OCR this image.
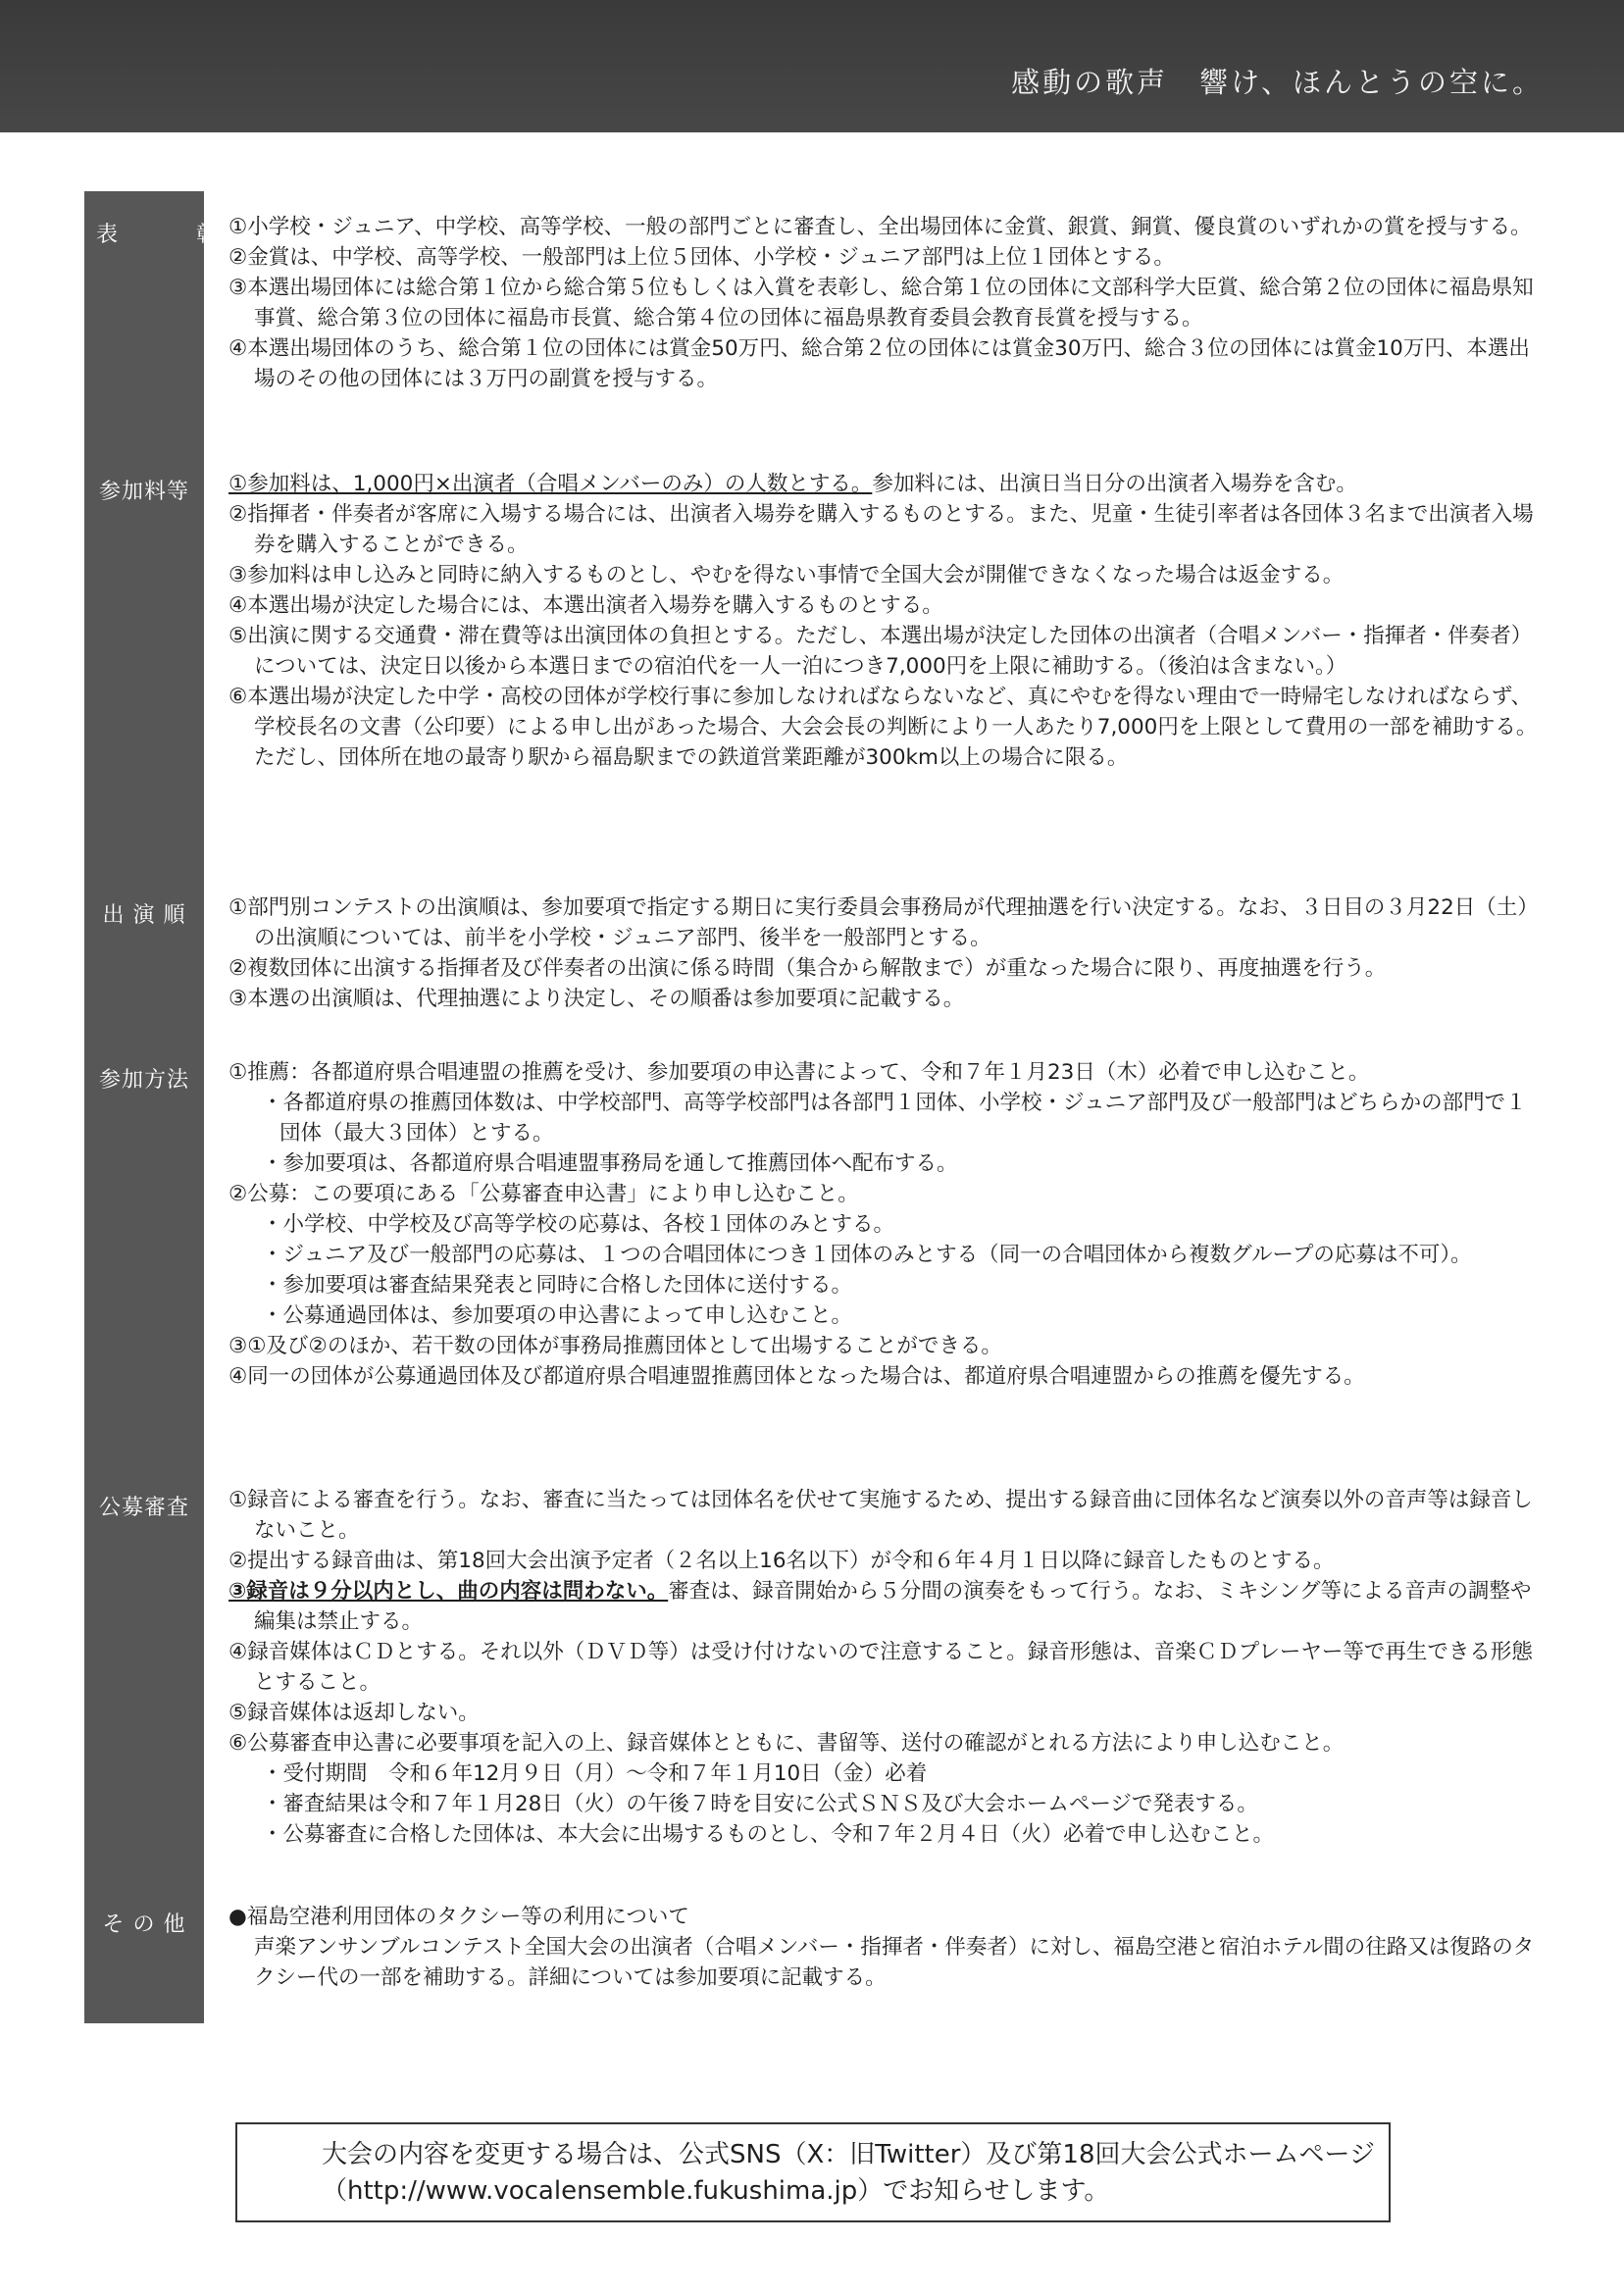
感動の歌声　響け、ほんとうの空に。
表　　彰
①小学校・ジュニア、中学校、高等学校、一般の部門ごとに審査し、全出場団体に金賞、銀賞、銅賞、優良賞のいずれかの賞を授与する。
②金賞は、中学校、高等学校、一般部門は上位５団体、小学校・ジュニア部門は上位１団体とする。
③本選出場団体には総合第１位から総合第５位もしくは入賞を表彰し、総合第１位の団体に文部科学大臣賞、総合第２位の団体に福島県知事賞、総合第３位の団体に福島市長賞、総合第４位の団体に福島県教育委員会教育長賞を授与する。
④本選出場団体のうち、総合第１位の団体には賞金50万円、総合第２位の団体には賞金30万円、総合３位の団体には賞金10万円、本選出場のその他の団体には３万円の副賞を授与する。
参加料等	①参加料は、1,000円×出演者（合唱メンバーのみ）の人数とする。参加料には、出演日当日分の出演者入場券を含む。
②指揮者・伴奏者が客席に入場する場合には、出演者入場券を購入するものとする。また、児童・生徒引率者は各団体３名まで出演者入場券を購入することができる。
③参加料は申し込みと同時に納入するものとし、やむを得ない事情で全国大会が開催できなくなった場合は返金する。
④本選出場が決定した場合には、本選出演者入場券を購入するものとする。
⑤出演に関する交通費・滞在費等は出演団体の負担とする。ただし、本選出場が決定した団体の出演者（合唱メンバー・指揮者・伴奏者）については、決定日以後から本選日までの宿泊代を一人一泊につき7,000円を上限に補助する。（後泊は含まない。）
⑥本選出場が決定した中学・高校の団体が学校行事に参加しなければならないなど、真にやむを得ない理由で一時帰宅しなければならず、学校長名の文書（公印要）による申し出があった場合、大会会長の判断により一人あたり7,000円を上限として費用の一部を補助する。ただし、団体所在地の最寄り駅から福島駅までの鉄道営業距離が300km以上の場合に限る。
出 演 順	①部門別コンテストの出演順は、参加要項で指定する期日に実行委員会事務局が代理抽選を行い決定する。なお、３日目の３月22日（土）の出演順については、前半を小学校・ジュニア部門、後半を一般部門とする。
②複数団体に出演する指揮者及び伴奏者の出演に係る時間（集合から解散まで）が重なった場合に限り、再度抽選を行う。
③本選の出演順は、代理抽選により決定し、その順番は参加要項に記載する。
参加方法	①推薦：各都道府県合唱連盟の推薦を受け、参加要項の申込書によって、令和７年１月23日（木）必着で申し込むこと。
・各都道府県の推薦団体数は、中学校部門、高等学校部門は各部門１団体、小学校・ジュニア部門及び一般部門はどちらかの部門で１団体（最大３団体）とする。
・参加要項は、各都道府県合唱連盟事務局を通して推薦団体へ配布する。
②公募：この要項にある「公募審査申込書」により申し込むこと。
・小学校、中学校及び高等学校の応募は、各校１団体のみとする。
・ジュニア及び一般部門の応募は、１つの合唱団体につき１団体のみとする（同一の合唱団体から複数グループの応募は不可）。
・参加要項は審査結果発表と同時に合格した団体に送付する。
・公募通過団体は、参加要項の申込書によって申し込むこと。
③①及び②のほか、若干数の団体が事務局推薦団体として出場することができる。
④同一の団体が公募通過団体及び都道府県合唱連盟推薦団体となった場合は、都道府県合唱連盟からの推薦を優先する。
公募審査	①録音による審査を行う。なお、審査に当たっては団体名を伏せて実施するため、提出する録音曲に団体名など演奏以外の音声等は録音しないこと。
②提出する録音曲は、第18回大会出演予定者（２名以上16名以下）が令和６年４月１日以降に録音したものとする。
③録音は９分以内とし、曲の内容は問わない。審査は、録音開始から５分間の演奏をもって行う。なお、ミキシング等による音声の調整や編集は禁止する。
④録音媒体はＣＤとする。それ以外（ＤＶＤ等）は受け付けないので注意すること。録音形態は、音楽ＣＤプレーヤー等で再生できる形態とすること。
⑤録音媒体は返却しない。
⑥公募審査申込書に必要事項を記入の上、録音媒体とともに、書留等、送付の確認がとれる方法により申し込むこと。
・受付期間　令和６年12月９日（月）～令和７年１月10日（金）必着
・審査結果は令和７年１月28日（火）の午後７時を目安に公式ＳＮＳ及び大会ホームページで発表する。
・公募審査に合格した団体は、本大会に出場するものとし、令和７年２月４日（火）必着で申し込むこと。
そ の 他	●福島空港利用団体のタクシー等の利用について
声楽アンサンブルコンテスト全国大会の出演者（合唱メンバー・指揮者・伴奏者）に対し、福島空港と宿泊ホテル間の往路又は復路のタクシー代の一部を補助する。詳細については参加要項に記載する。
大会の内容を変更する場合は、公式SNS（X：旧Twitter）及び第18回大会公式ホームページ
（http://www.vocalensemble.fukushima.jp）でお知らせします。
